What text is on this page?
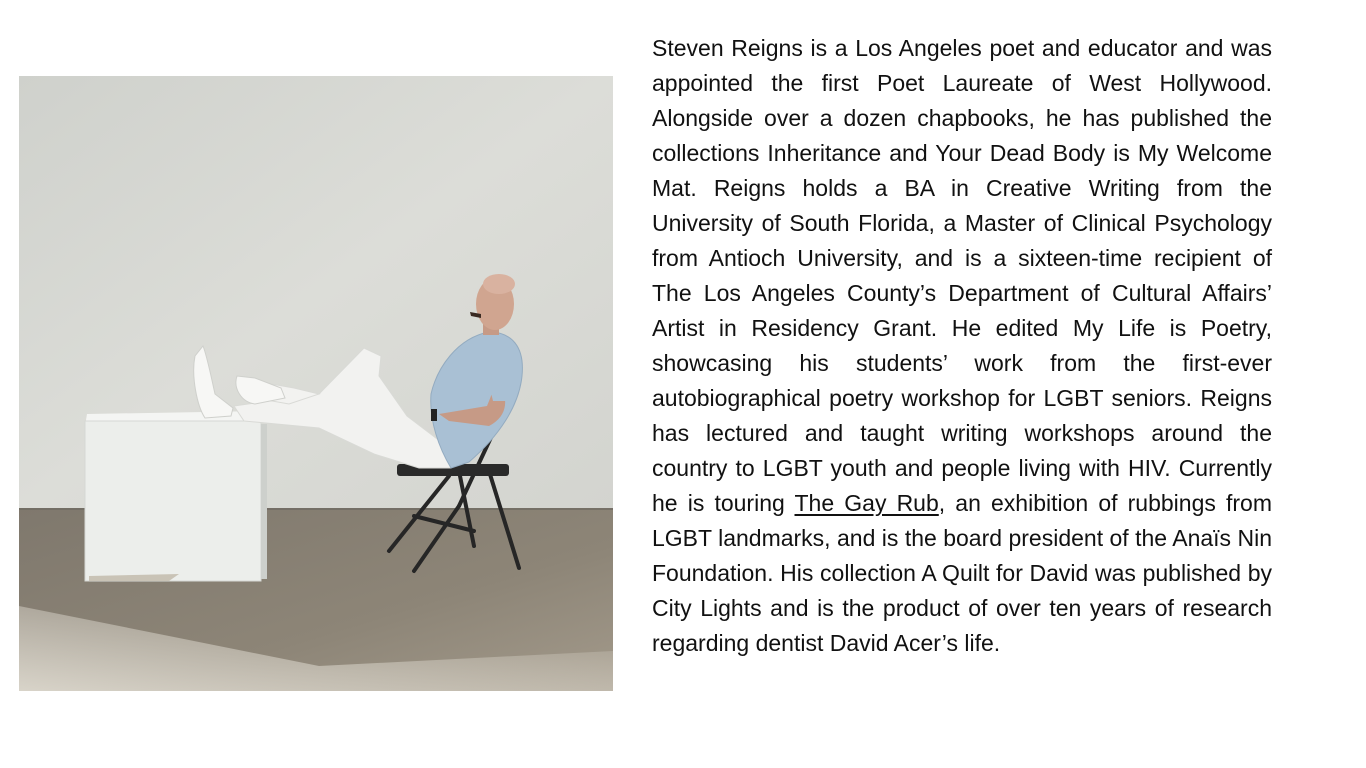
Steven Reigns is a Los Angeles poet and educator and was appointed the first Poet Laureate of West Hollywood. Alongside over a dozen chapbooks, he has published the collections Inheritance and Your Dead Body is My Welcome Mat. Reigns holds a BA in Creative Writing from the University of South Florida, a Master of Clinical Psychology from Antioch University, and is a sixteen-time recipient of The Los Angeles County’s Department of Cultural Affairs’ Artist in Residency Grant. He edited My Life is Poetry, showcasing his students’ work from the first-ever autobiographical poetry workshop for LGBT seniors. Reigns has lectured and taught writing workshops around the country to LGBT youth and people living with HIV. Currently he is touring The Gay Rub, an exhibition of rubbings from LGBT landmarks, and is the board president of the Anaïs Nin Foundation. His collection A Quilt for David was published by City Lights and is the product of over ten years of research regarding dentist David Acer’s life.
